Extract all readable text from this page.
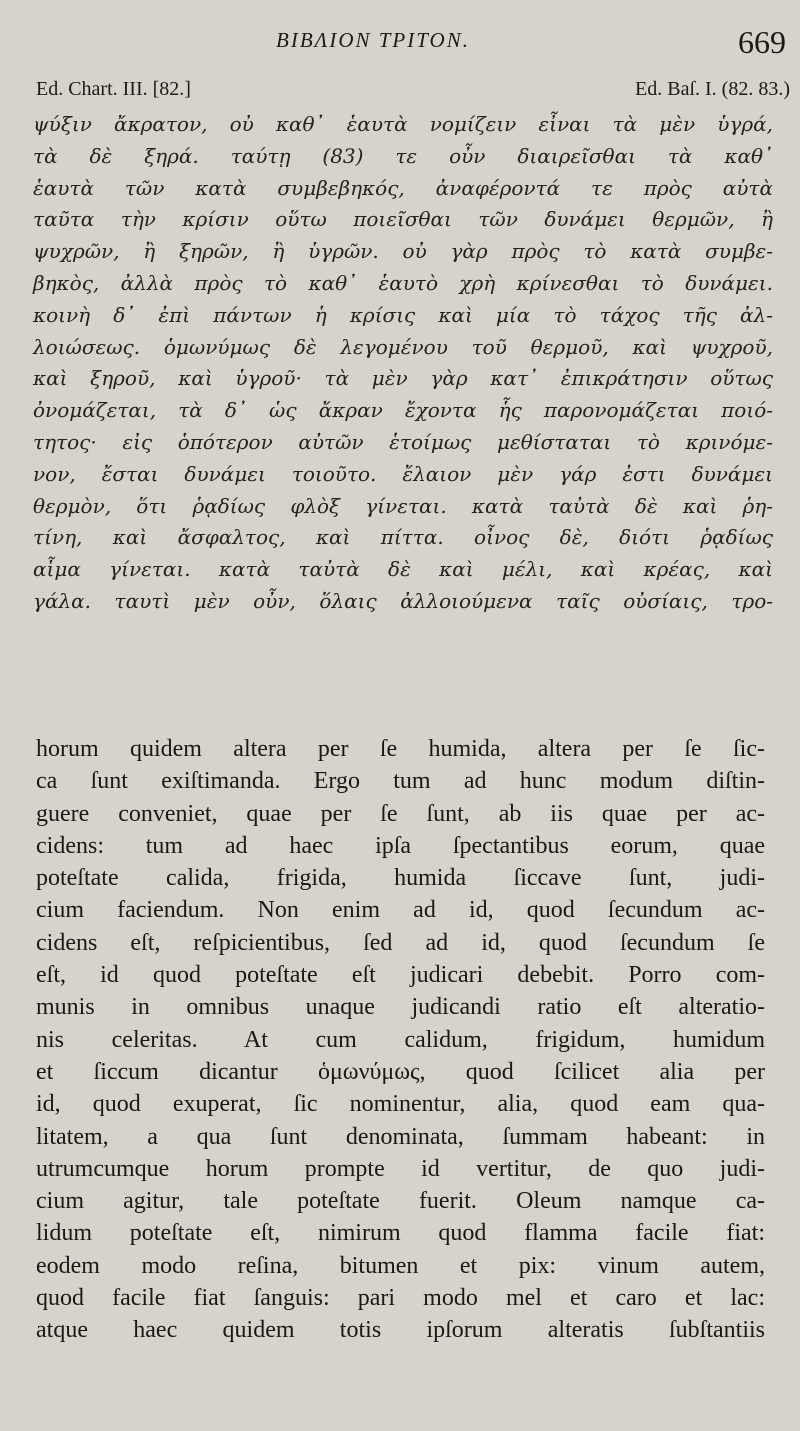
BIBΛION TPITON.	669
Ed. Chart. III. [82.]	Ed. Baſ. I. (82. 83.)
ψύξιν ἄκρατον, οὐ καθ᾽ ἑαυτὰ νομίζειν εἶναι τὰ μὲν ὑγρά,
τὰ δὲ ξηρά. ταύτῃ (83) τε οὖν διαιρεῖσθαι τὰ καθ᾽
ἑαυτὰ τῶν κατὰ συμβεβηκός, ἀναφέροντά τε πρὸς αὐτὰ
ταῦτα τὴν κρίσιν οὕτω ποιεῖσθαι τῶν δυνάμει θερμῶν, ἢ
ψυχρῶν, ἢ ξηρῶν, ἢ ὑγρῶν. οὐ γὰρ πρὸς τὸ κατὰ συμβε-
βηκὸς, ἀλλὰ πρὸς τὸ καθ᾽ ἑαυτὸ χρὴ κρίνεσθαι τὸ δυνάμει.
κοινὴ δ᾽ ἐπὶ πάντων ἡ κρίσις καὶ μία τὸ τάχος τῆς ἀλ-
λοιώσεως. ὁμωνύμως δὲ λεγομένου τοῦ θερμοῦ, καὶ ψυχροῦ,
καὶ ξηροῦ, καὶ ὑγροῦ· τὰ μὲν γὰρ κατ᾽ ἐπικράτησιν οὕτως
ὀνομάζεται, τὰ δ᾽ ὡς ἄκραν ἔχοντα ἧς παρονομάζεται ποιό-
τητος· εἰς ὁπότερον αὐτῶν ἑτοίμως μεθίσταται τὸ κρινόμε-
νον, ἔσται δυνάμει τοιοῦτο. ἔλαιον μὲν γάρ ἐστι δυνάμει
θερμὸν, ὅτι ῥᾳδίως φλὸξ γίνεται. κατὰ ταὐτὰ δὲ καὶ ῥη-
τίνη, καὶ ἄσφαλτος, καὶ πίττα. οἶνος δὲ, διότι ῥᾳδίως
αἷμα γίνεται. κατὰ ταὐτὰ δὲ καὶ μέλι, καὶ κρέας, καὶ
γάλα. ταυτὶ μὲν οὖν, ὅλαις ἀλλοιούμενα ταῖς οὐσίαις, τρο-
horum quidem altera per ſe humida, altera per ſe ſic-
ca ſunt exiſtimanda. Ergo tum ad hunc modum diſtin-
guere conveniet, quae per ſe ſunt, ab iis quae per ac-
cidens: tum ad haec ipſa ſpectantibus eorum, quae
poteſtate calida, frigida, humida ſiccave ſunt, judi-
cium faciendum. Non enim ad id, quod ſecundum ac-
cidens eſt, reſpicientibus, ſed ad id, quod ſecundum ſe
eſt, id quod poteſtate eſt judicari debebit. Porro com-
munis in omnibus unaque judicandi ratio eſt alteratio-
nis celeritas. At cum calidum, frigidum, humidum
et ſiccum dicantur ὁμωνύμως, quod ſcilicet alia per
id, quod exuperat, ſic nominentur, alia, quod eam qua-
litatem, a qua ſunt denominata, ſummam habeant: in
utrumcumque horum prompte id vertitur, de quo judi-
cium agitur, tale poteſtate fuerit. Oleum namque ca-
lidum poteſtate eſt, nimirum quod flamma facile fiat:
eodem modo reſina, bitumen et pix: vinum autem,
quod facile fiat ſanguis: pari modo mel et caro et lac:
atque haec quidem totis ipſorum alteratis ſubſtantiis
